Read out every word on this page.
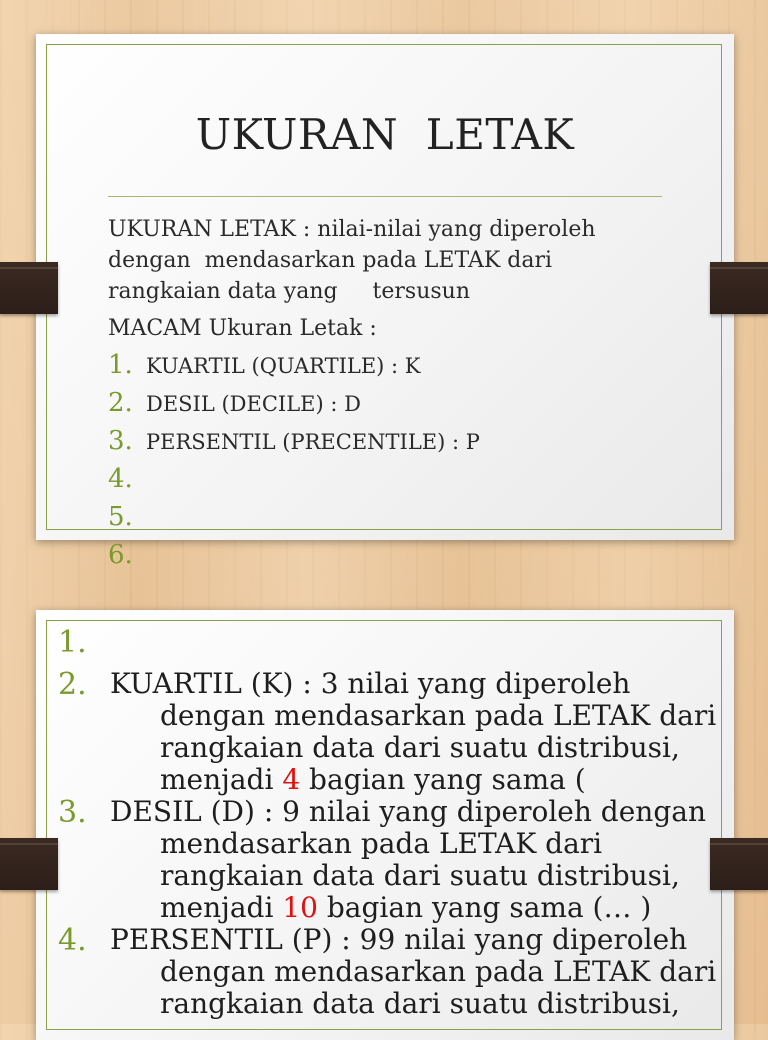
UKURAN  LETAK

UKURAN LETAK : nilai-nilai yang diperoleh

dengan  mendasarkan pada LETAK dari

rangkaian data yang     tersusun

MACAM Ukuran Letak :

1. KUARTIL (QUARTILE) : K
2. DESIL (DECILE) : D
3. PERSENTIL (PRECENTILE) : P
4.
5.
6.
1.
2. KUARTIL (K) : 3 nilai yang diperoleh

dengan mendasarkan pada LETAK dari
rangkaian data dari suatu distribusi,
menjadi 4 bagian yang sama (
3. DESIL (D) : 9 nilai yang diperoleh dengan

mendasarkan pada LETAK dari
rangkaian data dari suatu distribusi,
menjadi 10 bagian yang sama (… )
4. PERSENTIL (P) : 99 nilai yang diperoleh

dengan mendasarkan pada LETAK dari
rangkaian data dari suatu distribusi,
